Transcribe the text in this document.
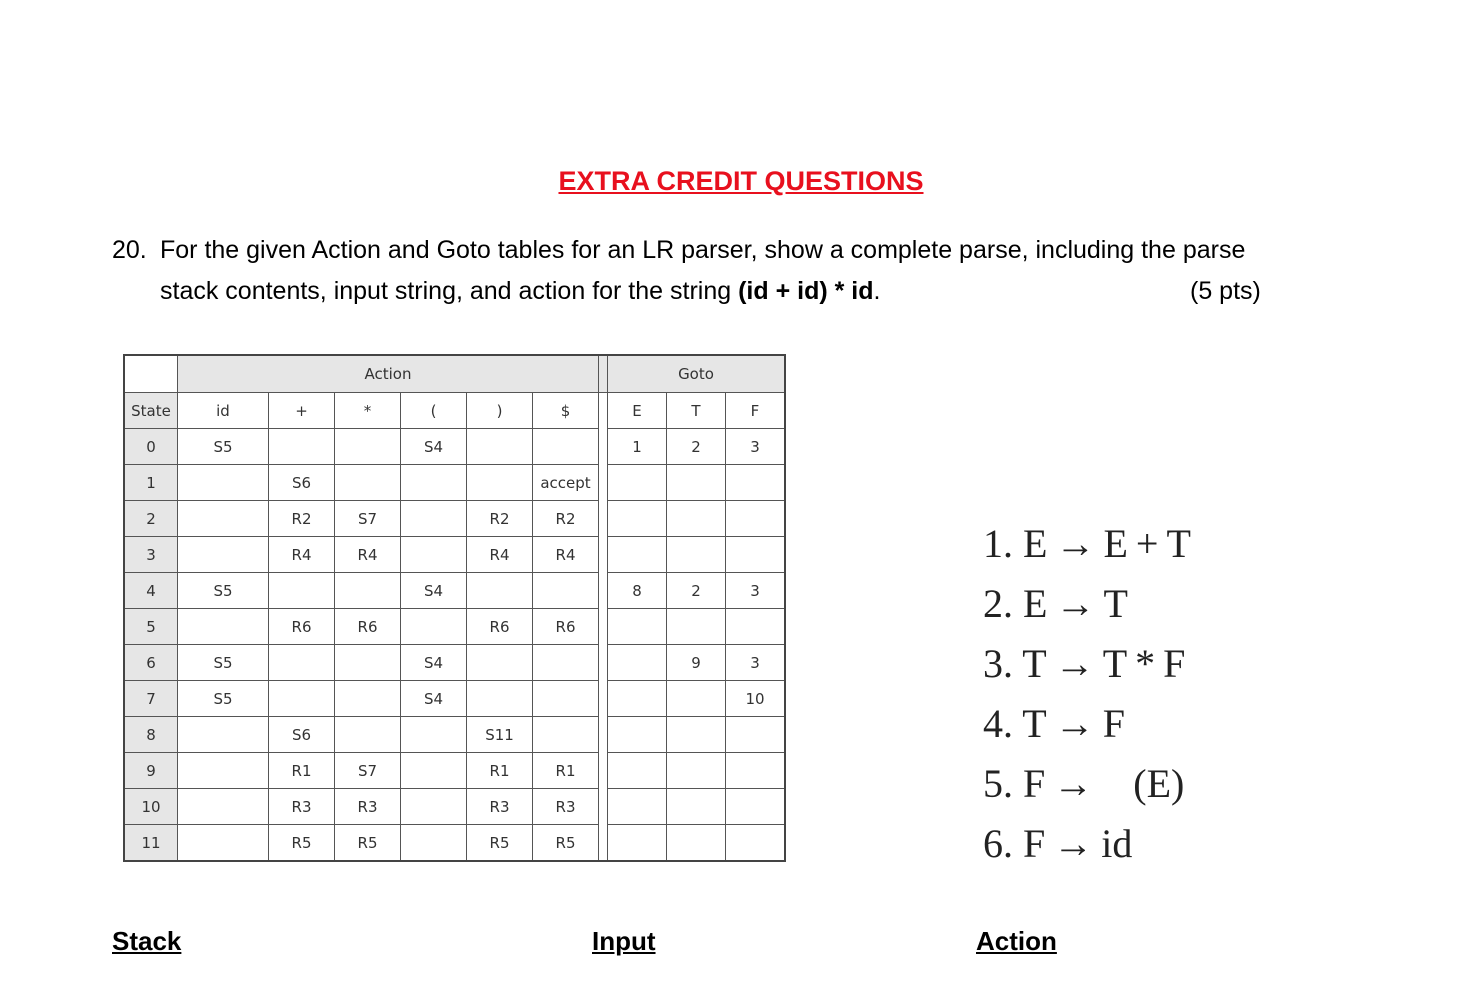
EXTRA CREDIT QUESTIONS
20. For the given Action and Goto tables for an LR parser, show a complete parse, including the parse
stack contents, input string, and action for the string (id + id) * id.	(5 pts)
	Action							Goto		
State	id	+	*	(	)	$		E	T	F
0	S5			S4				1	2	3
1		S6				accept				
2		R2	S7		R2	R2				
3		R4	R4		R4	R4				
4	S5			S4				8	2	3
5		R6	R6		R6	R6				
6	S5			S4					9	3
7	S5			S4						10
8		S6			S11					
9		R1	S7		R1	R1				
10		R3	R3		R3	R3				
11		R5	R5		R5	R5				
1. E → E + T
2. E → T
3. T → T * F
4. T → F
5. F → (E)
6. F → id
Stack	Input	Action
